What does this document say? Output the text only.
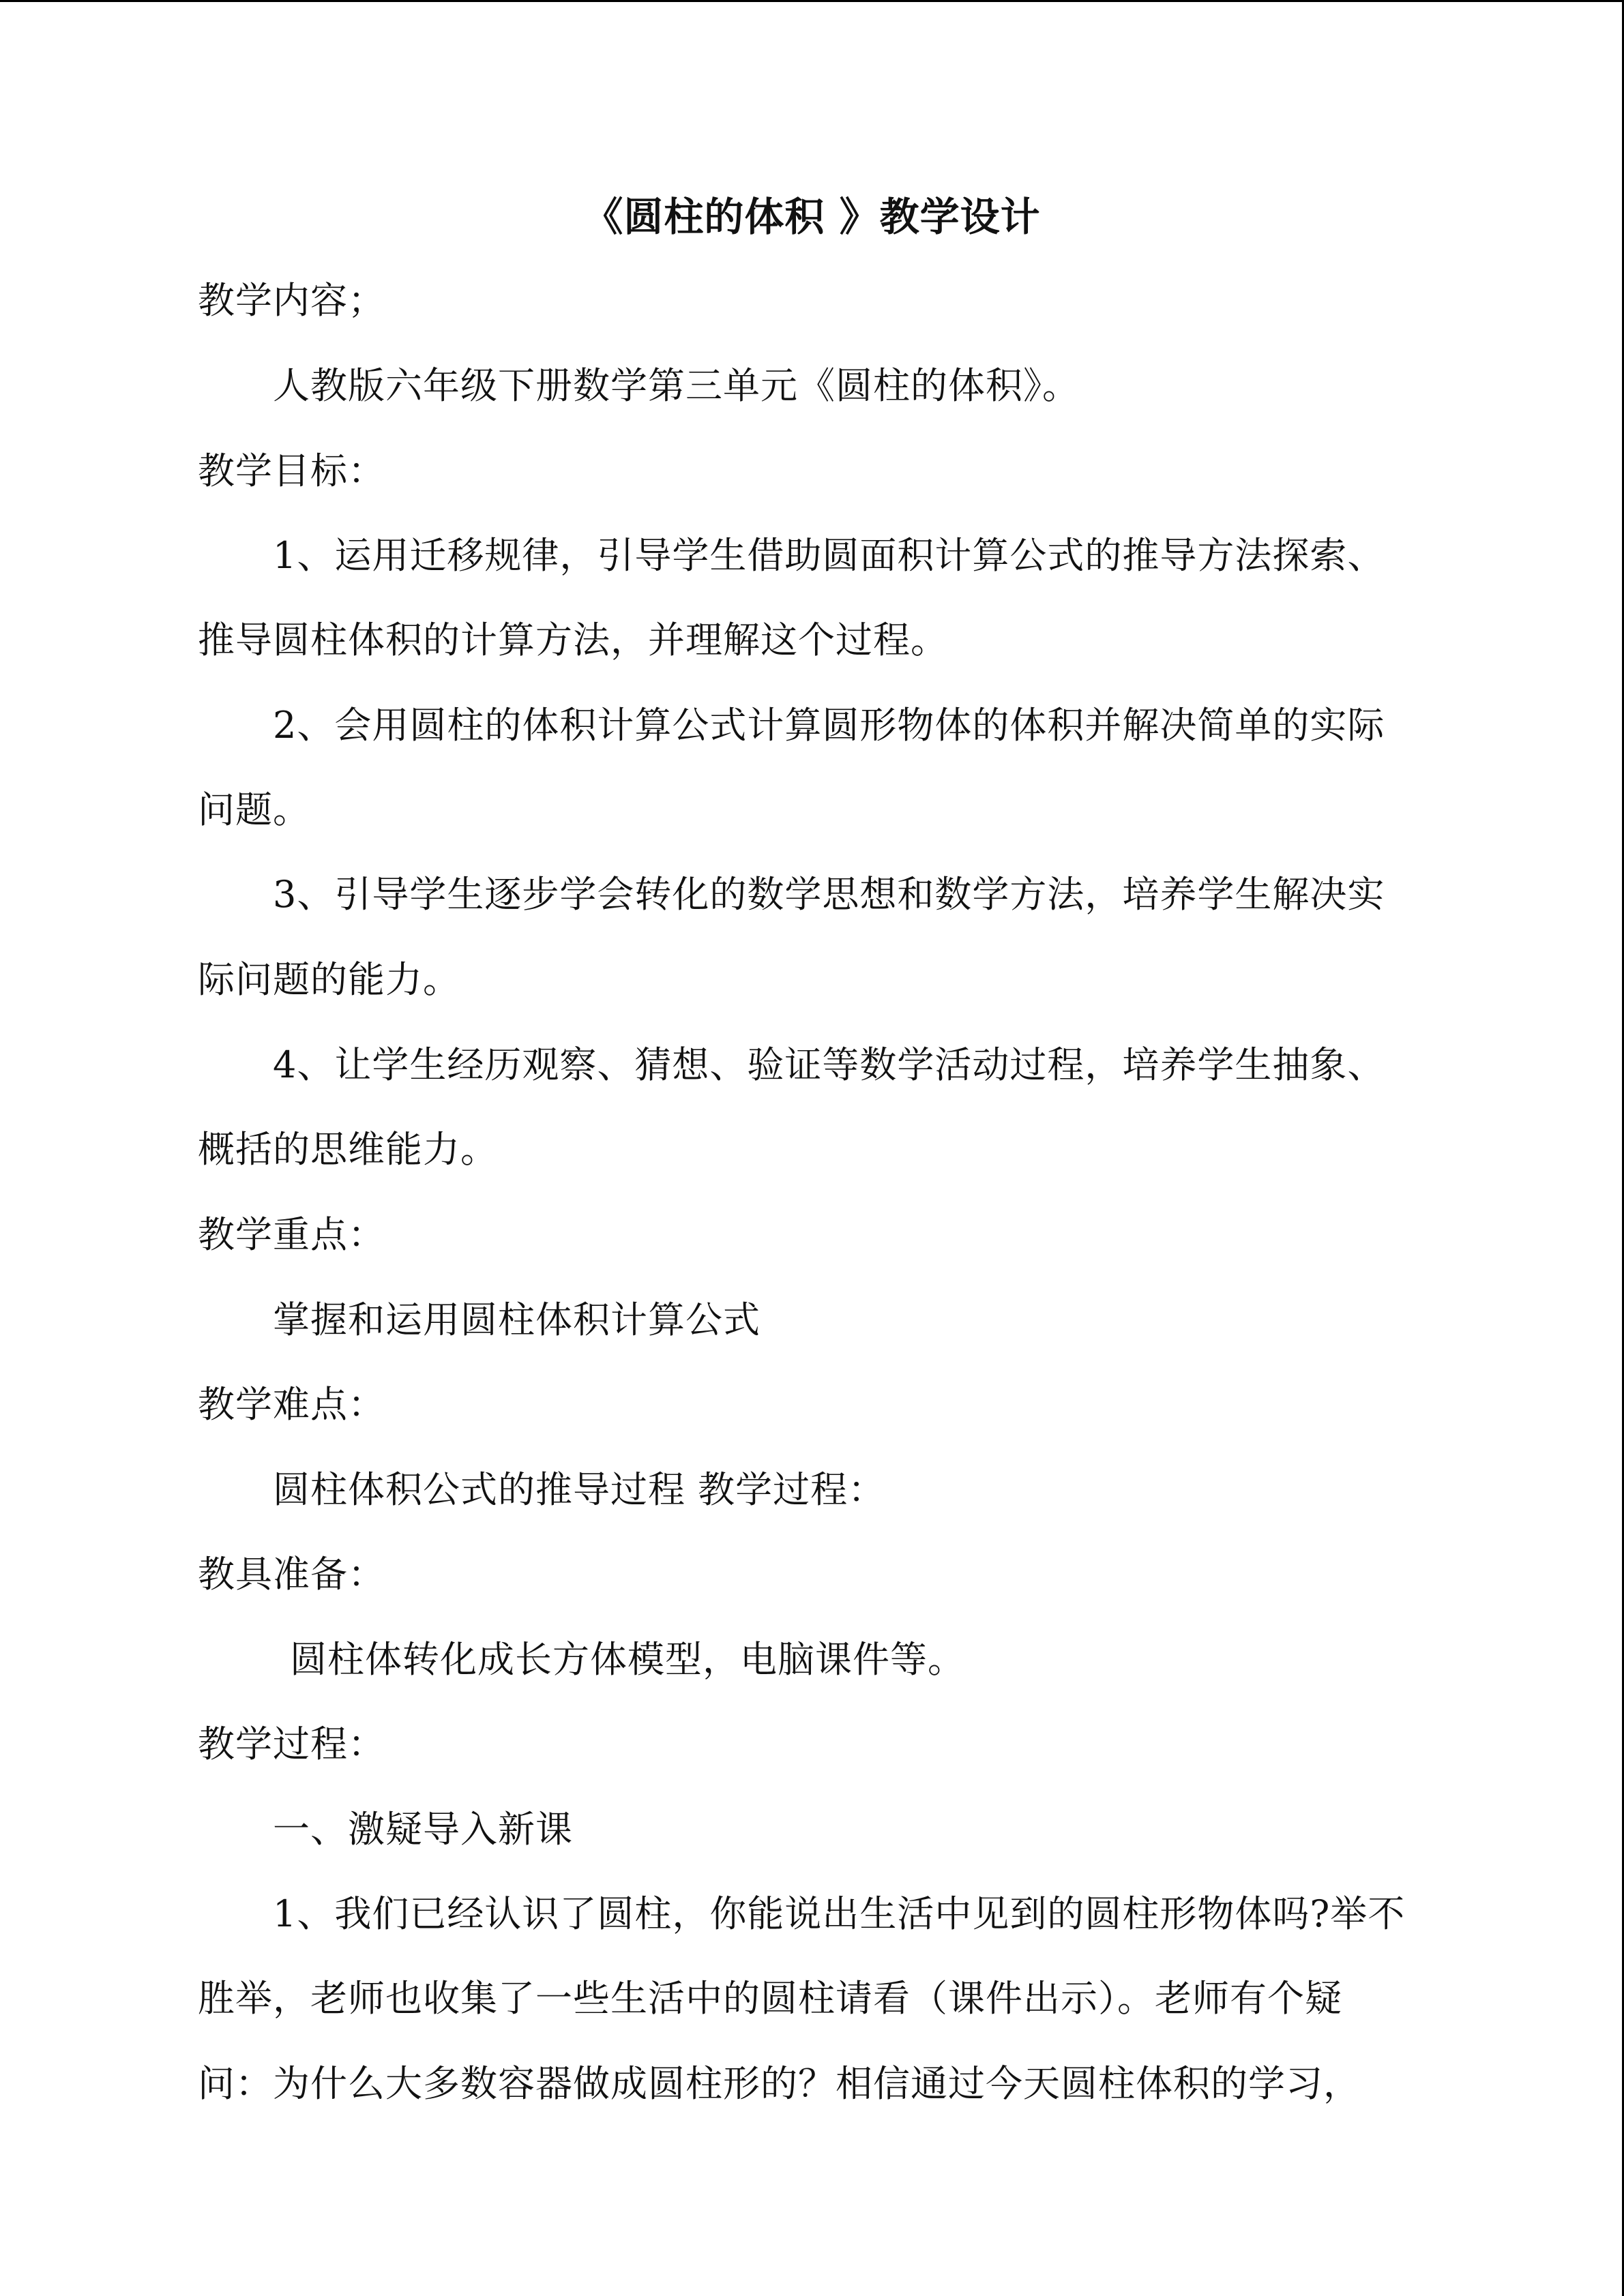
《圆柱的体积 》教学设计
教学内容；
人教版六年级下册数学第三单元《圆柱的体积》。
教学目标：
1、运用迁移规律，引导学生借助圆面积计算公式的推导方法探索、
推导圆柱体积的计算方法，并理解这个过程。
2、会用圆柱的体积计算公式计算圆形物体的体积并解决简单的实际
问题。
3、引导学生逐步学会转化的数学思想和数学方法，培养学生解决实
际问题的能力。
4、让学生经历观察、猜想、验证等数学活动过程，培养学生抽象、
概括的思维能力。
教学重点：
掌握和运用圆柱体积计算公式
教学难点：
圆柱体积公式的推导过程 教学过程：
教具准备：
圆柱体转化成长方体模型，电脑课件等。
教学过程：
一、激疑导入新课
1、我们已经认识了圆柱，你能说出生活中见到的圆柱形物体吗?举不
胜举，老师也收集了一些生活中的圆柱请看（课件出示）。老师有个疑
问：为什么大多数容器做成圆柱形的？相信通过今天圆柱体积的学习，
